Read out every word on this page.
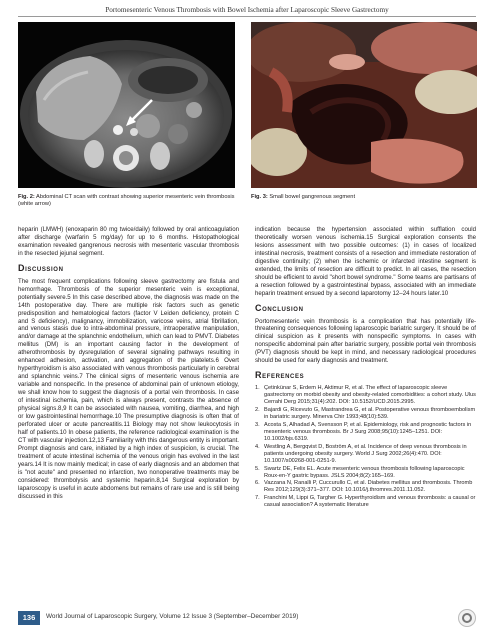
Portomesenteric Venous Thrombosis with Bowel Ischemia after Laparoscopic Sleeve Gastrectomy
Fig. 2: Abdominal CT scan with contrast showing superior mesenteric vein thrombosis (white arrow)
Fig. 3: Small bowel gangrenous segment

heparin (LMWH) (enoxaparin 80 mg twice/daily) followed by oral anticoagulation after discharge (warfarin 5 mg/day) for up to 6 months. Histopathological examination revealed gangrenous necrosis with mesenteric vascular thrombosis in the resected jejunal segment.

Discussion

The most frequent complications following sleeve gastrectomy are fistula and hemorrhage. Thrombosis of the superior mesenteric vein is exceptional, potentially severe.5 In this case described above, the diagnosis was made on the 14th postoperative day. There are multiple risk factors such as genetic predisposition and hematological factors (factor V Leiden deficiency, protein C and S deficiency), malignancy, immobilization, varicose veins, atrial fibrillation, and venous stasis due to intra-abdominal pressure, intraoperative manipulation, and/or damage at the splanchnic endothelium, which can lead to PMVT. Diabetes mellitus (DM) is an important causing factor in the development of atherothrombosis by dysregulation of several signaling pathways resulting in enhanced adhesion, activation, and aggregation of the platelets.6 Overt hyperthyroidism is also associated with venous thrombosis particularly in cerebral and splanchnic veins.7 The clinical signs of mesenteric venous ischemia are variable and nonspecific. In the presence of abdominal pain of unknown etiology, we shall know how to suggest the diagnosis of a portal vein thrombosis. In case of intestinal ischemia, pain, which is always present, contrasts the absence of physical signs.8,9 It can be associated with nausea, vomiting, diarrhea, and high or low gastrointestinal hemorrhage.10 The presumptive diagnosis is often that of perforated ulcer or acute pancreatitis.11 Biology may not show leukocytosis in half of patients.10 In obese patients, the reference radiological examination is the CT with vascular injection.12,13 Familiarity with this dangerous entity is important. Prompt diagnosis and care, initiated by a high index of suspicion, is crucial. The treatment of acute intestinal ischemia of the venous origin has evolved in the last years.14 It is now mainly medical; in case of early diagnosis and an abdomen that is "not acute" and presented no infarction, two nonoperative treatments may be considered: thrombolysis and systemic heparin.8,14 Surgical exploration by laparoscopy is useful in acute abdomens but remains of rare use and is still being discussed in this

indication because the hypertension associated within sufflation could theoretically worsen venous ischemia.15 Surgical exploration consents the lesions assessment with two possible outcomes: (1) in cases of localized intestinal necrosis, treatment consists of a resection and immediate restoration of digestive continuity; (2) when the ischemic or infarcted intestine segment is extended, the limits of resection are difficult to predict. In all cases, the resection should be efficient to avoid "short bowel syndrome." Some teams are partisans of a resection followed by a gastrointestinal bypass, associated with an immediate heparin treatment ensued by a second laparotomy 12–24 hours later.10

Conclusion

Portomesenteric vein thrombosis is a complication that has potentially life-threatening consequences following laparoscopic bariatric surgery. It should be of clinical suspicion as it presents with nonspecific symptoms. In cases with nonspecific abdominal pain after bariatric surgery, possible portal vein thrombosis (PVT) diagnosis should be kept in mind, and necessary radiological procedures should be used for early diagnosis and treatment.

References
1. Çetinkünar S, Erdem H, Aktimur R, et al. The effect of laparoscopic sleeve gastrectomy on morbid obesity and obesity-related comorbidities: a cohort study. Ulus Cerrahi Derg 2015;31(4):202. DOI: 10.5152/UCD.2015.2995.
2. Bajardi G, Ricevuto G, Mastrandrea G, et al. Postoperative venous thromboembolism in bariatric surgery. Minerva Chir 1993;48(10):539.
3. Acosta S, Alhadad A, Svensson P, et al. Epidemiology, risk and prognostic factors in mesenteric venous thrombosis. Br J Surg 2008;95(10):1245–1251. DOI: 10.1002/bjs.6319.
4. Westling A, Bergqvist D, Boström A, et al. Incidence of deep venous thrombosis in patients undergoing obesity surgery. World J Surg 2002;26(4):470. DOI: 10.1007/s00268-001-0251-9.
5. Swartz DE, Felix EL. Acute mesenteric venous thrombosis following laparoscopic Roux-en-Y gastric bypass. JSLS 2004;8(2):165–169.
6. Vazzana N, Ranalli P, Cuccurullo C, et al. Diabetes mellitus and thrombosis. Thromb Res 2012;129(3):371–377. DOI: 10.1016/j.thromres.2011.11.052.
7. Franchini M, Lippi G, Targher G. Hyperthyroidism and venous thrombosis: a causal or casual association? A systematic literature
136	World Journal of Laparoscopic Surgery, Volume 12 Issue 3 (September–December 2019)
